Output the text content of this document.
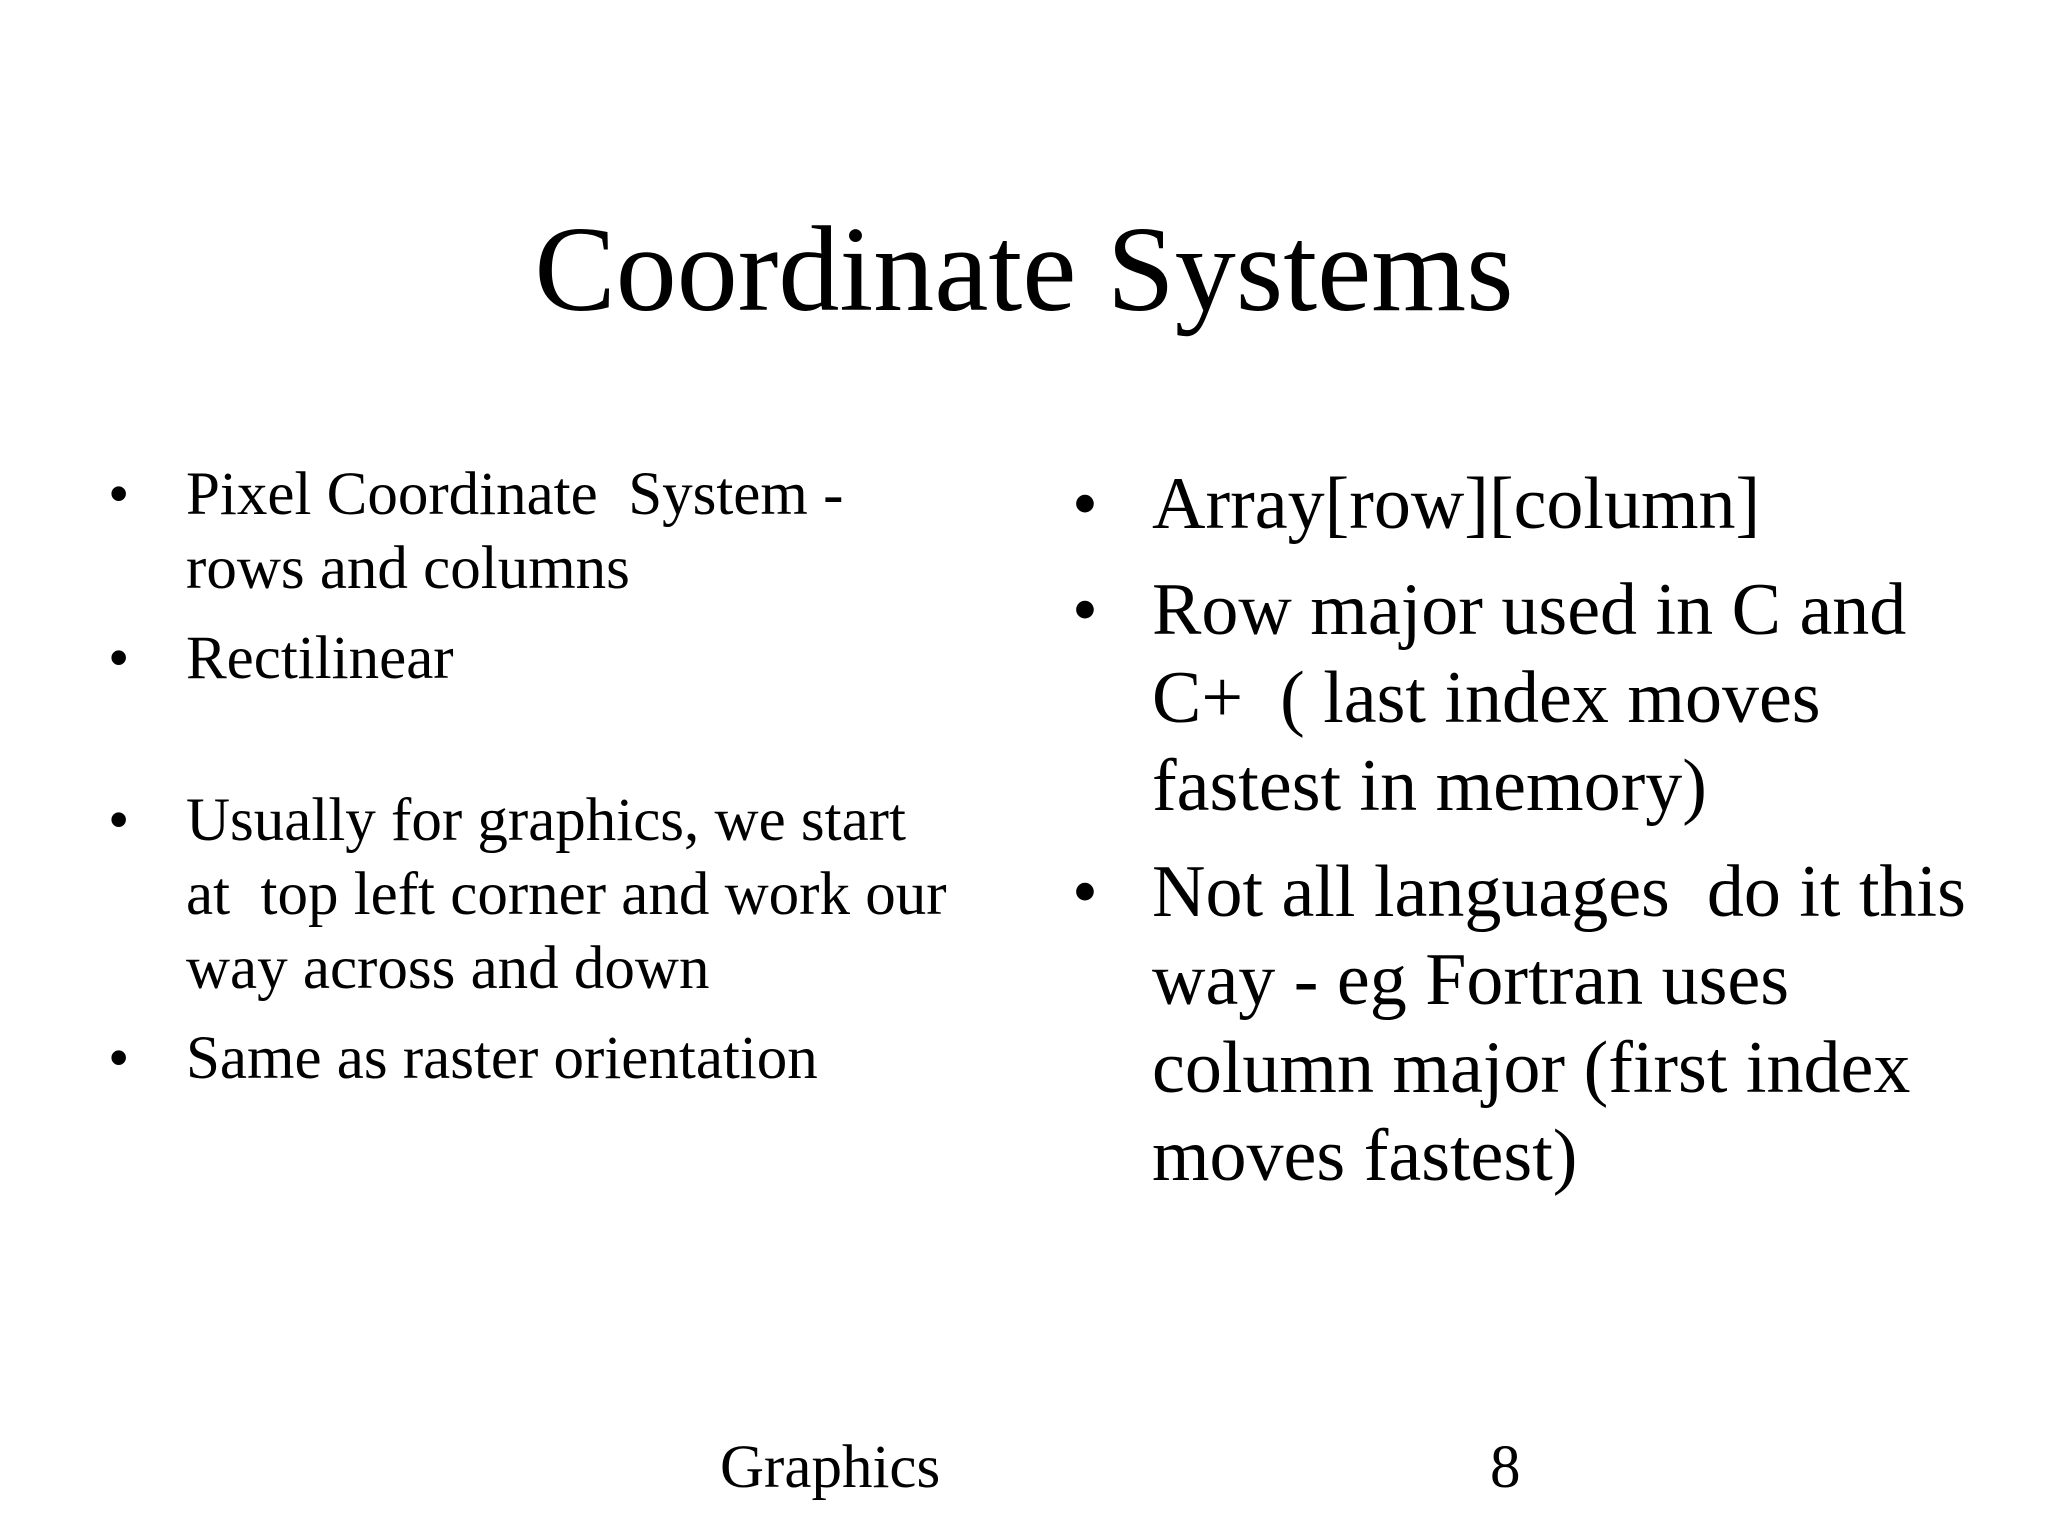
Coordinate Systems
• Pixel Coordinate  System - rows and columns
• Rectilinear
• Usually for graphics, we start at  top left corner and work our way across and down
• Same as raster orientation
• Array[row][column]
• Row major used in C and C+  ( last index moves fastest in memory)
• Not all languages  do it this way - eg Fortran uses column major (first index  moves fastest)
Graphics	8
